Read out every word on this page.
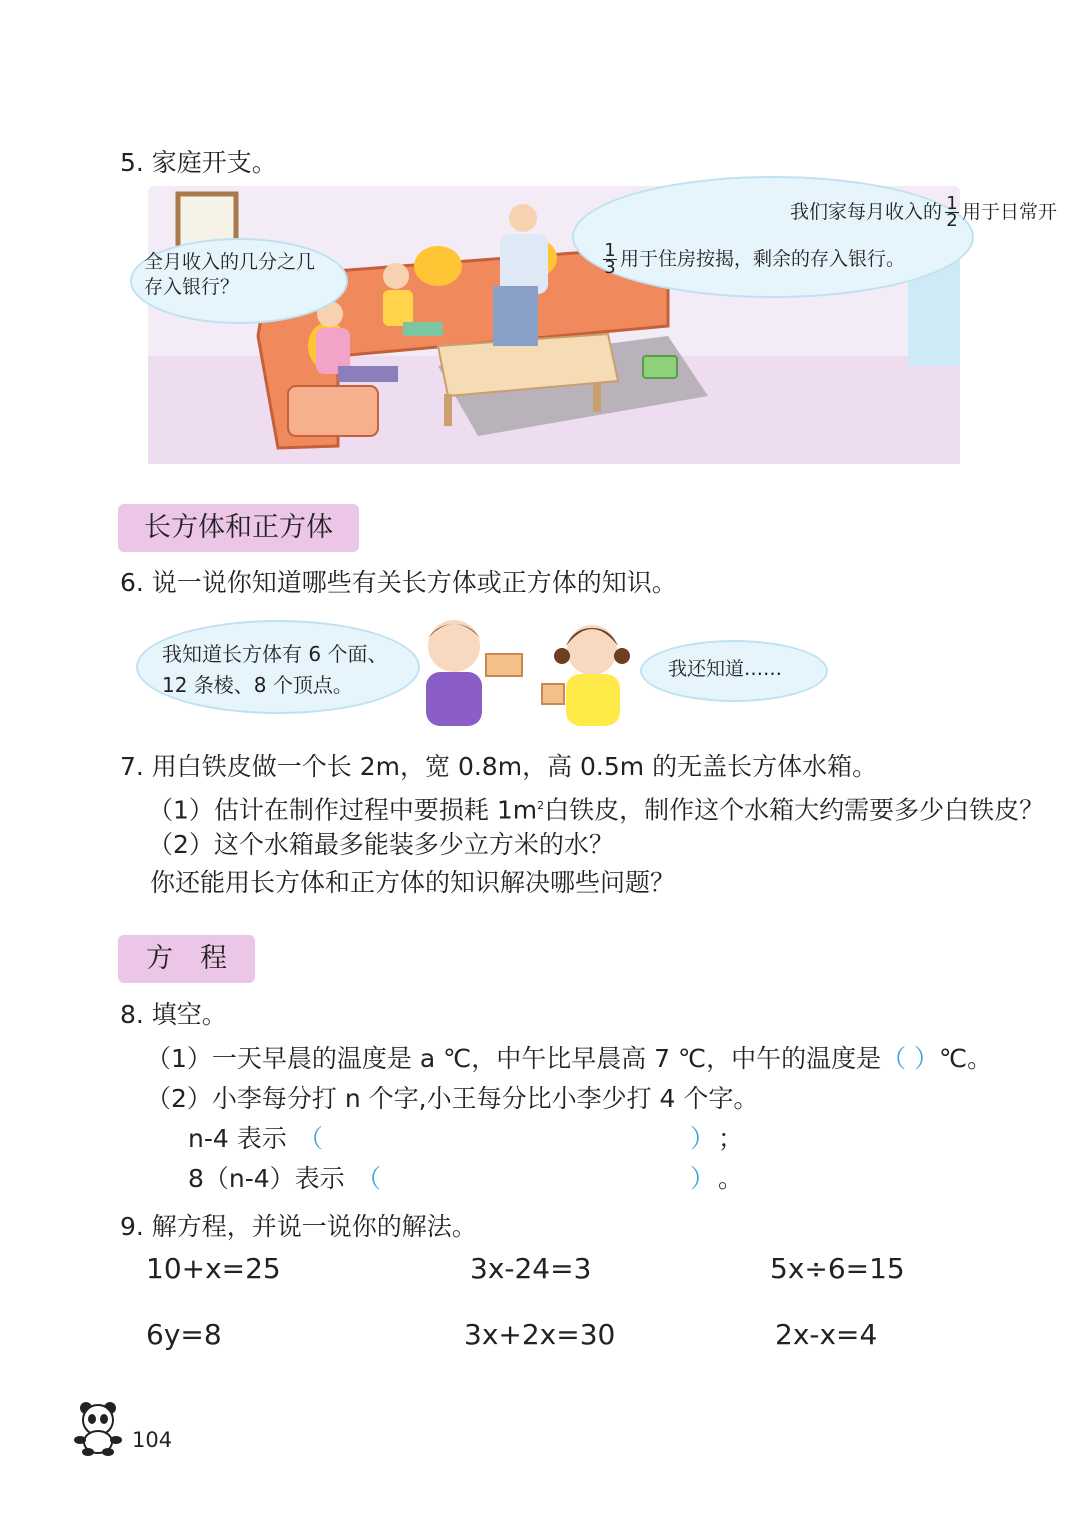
5. 家庭开支。
全月收入的几分之几
存入银行？
我们家每月收入的 $\frac{1}{2}$ 用于日常开
$\frac{1}{3}$ 用于住房按揭，剩余的存入银行。
长方体和正方体
6. 说一说你知道哪些有关长方体或正方体的知识。
我知道长方体有 6 个面、
12 条棱、8 个顶点。
我还知道……
7. 用白铁皮做一个长 2m，宽 0.8m，高 0.5m 的无盖长方体水箱。
（1）估计在制作过程中要损耗 $1m^2$白铁皮，制作这个水箱大约需要多少白铁皮？
（2）这个水箱最多能装多少立方米的水？
你还能用长方体和正方体的知识解决哪些问题？
方　程
8. 填空。
（1）一天早晨的温度是 a ℃，中午比早晨高 7 ℃，中午的温度是（ ）℃。
（2）小李每分打 n 个字,小王每分比小李少打 4 个字。
n-4 表示 （	） ；
8（n-4）表示 （	） 。
9. 解方程，并说一说你的解法。
10+x=25	3x-24=3	5x÷6=15
6y=8	3x+2x=30	2x-x=4
104
